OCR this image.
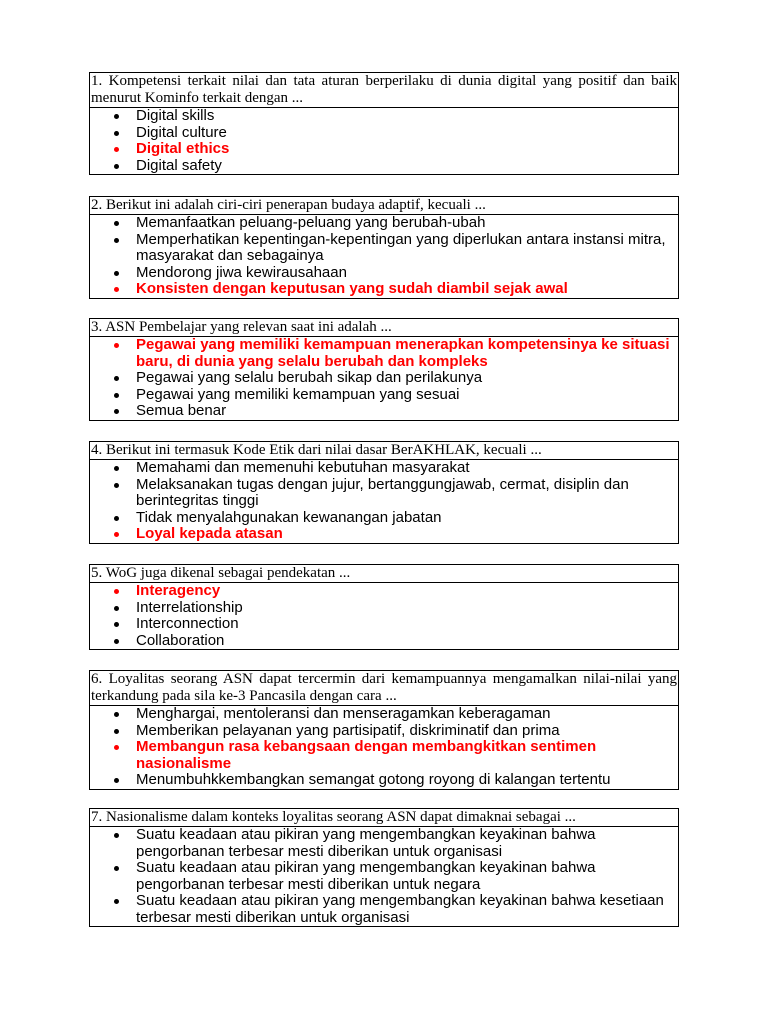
1. Kompetensi terkait nilai dan tata aturan berperilaku di dunia digital yang positif dan baik menurut Kominfo terkait dengan ...
Digital skills
Digital culture
Digital ethics
Digital safety
2. Berikut ini adalah ciri-ciri penerapan budaya adaptif, kecuali ...
Memanfaatkan peluang-peluang yang berubah-ubah
Memperhatikan kepentingan-kepentingan yang diperlukan antara instansi mitra, masyarakat dan sebagainya
Mendorong jiwa kewirausahaan
Konsisten dengan keputusan yang sudah diambil sejak awal
3. ASN Pembelajar yang relevan saat ini adalah ...
Pegawai yang memiliki kemampuan menerapkan kompetensinya ke situasi baru, di dunia yang selalu berubah dan kompleks
Pegawai yang selalu berubah sikap dan perilakunya
Pegawai yang memiliki kemampuan yang sesuai
Semua benar
4. Berikut ini termasuk Kode Etik dari nilai dasar BerAKHLAK, kecuali ...
Memahami dan memenuhi kebutuhan masyarakat
Melaksanakan tugas dengan jujur, bertanggungjawab, cermat, disiplin dan berintegritas tinggi
Tidak menyalahgunakan kewanangan jabatan
Loyal kepada atasan
5. WoG juga dikenal sebagai pendekatan ...
Interagency
Interrelationship
Interconnection
Collaboration
6. Loyalitas seorang ASN dapat tercermin dari kemampuannya mengamalkan nilai-nilai yang terkandung pada sila ke-3 Pancasila dengan cara ...
Menghargai, mentoleransi dan menseragamkan keberagaman
Memberikan pelayanan yang partisipatif, diskriminatif dan prima
Membangun rasa kebangsaan dengan membangkitkan sentimen nasionalisme
Menumbuhkkembangkan semangat gotong royong di kalangan tertentu
7. Nasionalisme dalam konteks loyalitas seorang ASN dapat dimaknai sebagai ...
Suatu keadaan atau pikiran yang mengembangkan keyakinan bahwa pengorbanan terbesar mesti diberikan untuk organisasi
Suatu keadaan atau pikiran yang mengembangkan keyakinan bahwa pengorbanan terbesar mesti diberikan untuk negara
Suatu keadaan atau pikiran yang mengembangkan keyakinan bahwa kesetiaan terbesar mesti diberikan untuk organisasi
